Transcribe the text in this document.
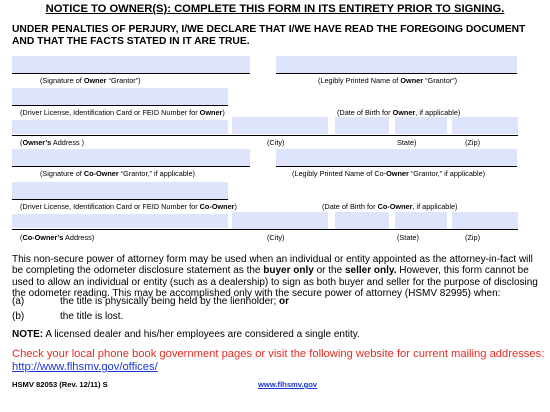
NOTICE TO OWNER(S): COMPLETE THIS FORM IN ITS ENTIRETY PRIOR TO SIGNING.
UNDER PENALTIES OF PERJURY, I/WE DECLARE THAT I/WE HAVE READ THE FOREGOING DOCUMENT AND THAT THE FACTS STATED IN IT ARE TRUE.
(Signature of Owner “Grantor”)	(Legibly Printed Name of Owner “Grantor”)
(Driver License, Identification Card or FEID Number for Owner)	(Date of Birth for Owner, if applicable)
(Owner’s Address )	(City)	State)	(Zip)
(Signature of Co-Owner “Grantor,” if applicable)	(Legibly Printed Name of Co-Owner “Grantor,” if applicable)
(Driver License, Identification Card or FEID Number for Co-Owner)	(Date of Birth for Co-Owner, if applicable)
(Co-Owner’s Address)	(City)	(State)	(Zip)
This non-secure power of attorney form may be used when an individual or entity appointed as the attorney-in-fact will be completing the odometer disclosure statement as the buyer only or the seller only. However, this form cannot be used to allow an individual or entity (such as a dealership) to sign as both buyer and seller for the purpose of disclosing the odometer reading. This may be accomplished only with the secure power of attorney (HSMV 82995) when:
(a)	the title is physically being held by the lienholder; or
(b)	the title is lost.
NOTE: A licensed dealer and his/her employees are considered a single entity.
Check your local phone book government pages or visit the following website for current mailing addresses: http://www.flhsmv.gov/offices/
HSMV 82053 (Rev. 12/11) S	www.flhsmv.gov
